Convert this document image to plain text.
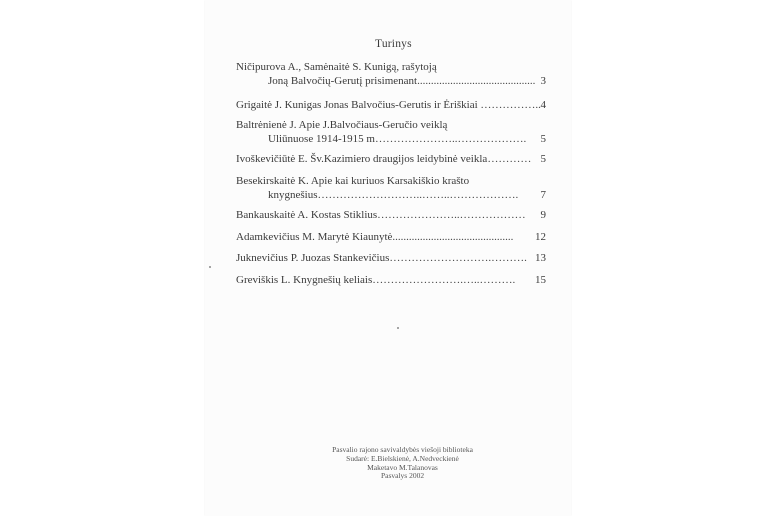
Turinys
Ničipurova A., Samėnaitė S. Kunigą, rašytoją
Joną Balvočių-Gerutį prisimenant........................................... 3
Grigaitė J. Kunigas Jonas Balvočius-Gerutis ir Ėriškiai …………….. 4
Baltrėnienė J. Apie J.Balvočiaus-Geručio veiklą
Uliūnuose 1914-1915 m…………………..……………….	5
Ivoškevičiūtė E. Šv.Kazimiero draugijos leidybinė veikla………… 5
Besekirskaitė K. Apie kai kuriuos Karsakiškio krašto
knygnešius………………………..……..……………….	7
Bankauskaitė A. Kostas Stiklius…………………..………………	9
Adamkevičius M. Marytė Kiaunytė............................................	12
Juknevičius P. Juozas Stankevičius……………………….………. 13
Greviškis L. Knygnešių keliais…………………….…..……….	15
Pasvalio rajono savivaldybės viešoji biblioteka
Sudarė: E.Bielskienė, A.Nedveckienė
Maketavo M.Talanovas
Pasvalys 2002
